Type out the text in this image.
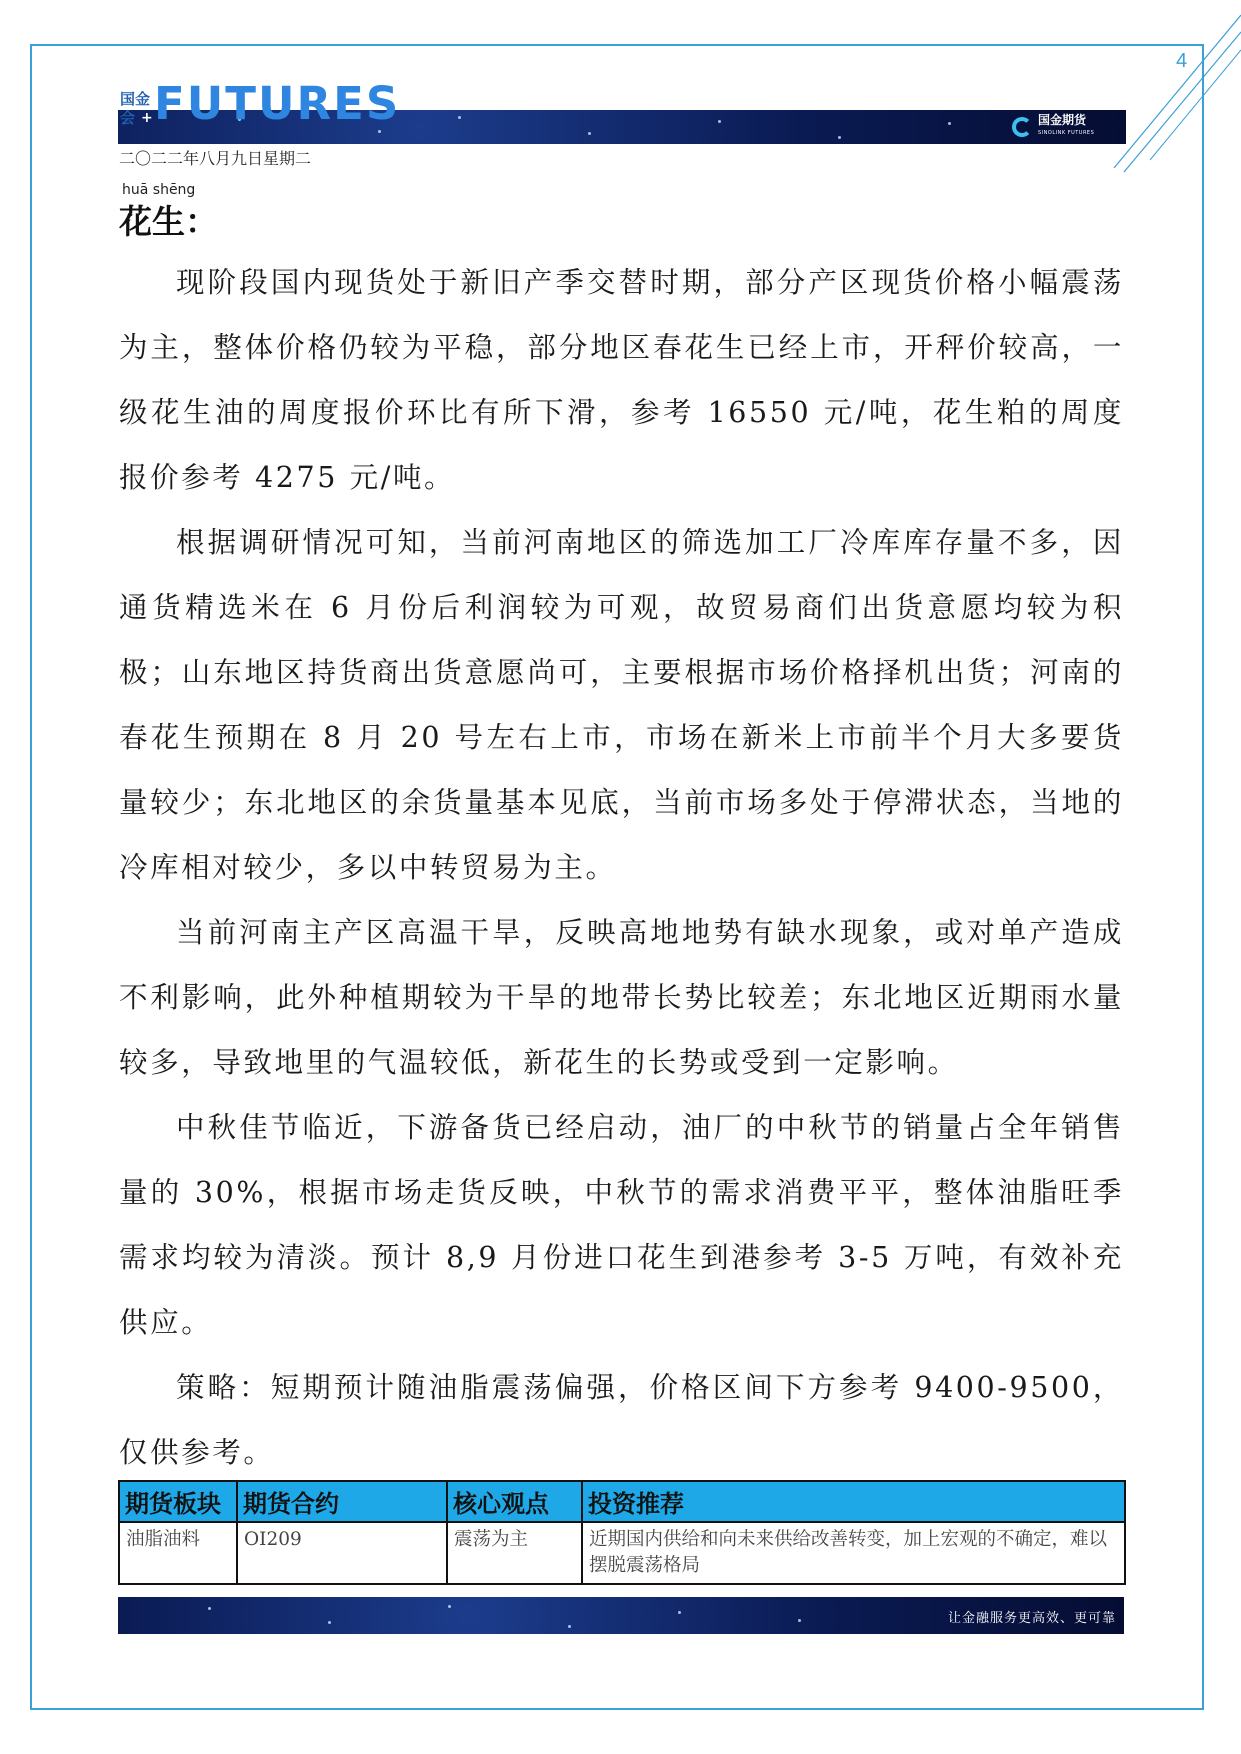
4
国金
会 + FUTURES	国金期货
SINOLINK FUTURES
二〇二二年八月九日星期二
huā shēng
花生：

现阶段国内现货处于新旧产季交替时期，部分产区现货价格小幅震荡为主，整体价格仍较为平稳，部分地区春花生已经上市，开秤价较高，一级花生油的周度报价环比有所下滑，参考 16550 元/吨，花生粕的周度报价参考 4275 元/吨。

根据调研情况可知，当前河南地区的筛选加工厂冷库库存量不多，因通货精选米在 6 月份后利润较为可观，故贸易商们出货意愿均较为积极；山东地区持货商出货意愿尚可，主要根据市场价格择机出货；河南的春花生预期在 8 月 20 号左右上市，市场在新米上市前半个月大多要货量较少；东北地区的余货量基本见底，当前市场多处于停滞状态，当地的冷库相对较少，多以中转贸易为主。

当前河南主产区高温干旱，反映高地地势有缺水现象，或对单产造成不利影响，此外种植期较为干旱的地带长势比较差；东北地区近期雨水量较多，导致地里的气温较低，新花生的长势或受到一定影响。

中秋佳节临近，下游备货已经启动，油厂的中秋节的销量占全年销售量的 30%，根据市场走货反映，中秋节的需求消费平平，整体油脂旺季需求均较为清淡。预计 8,9 月份进口花生到港参考 3-5 万吨，有效补充供应。

策略：短期预计随油脂震荡偏强，价格区间下方参考 9400-9500，仅供参考。

期货板块	期货合约	核心观点	投资推荐
油脂油料	OI209	震荡为主	近期国内供给和向未来供给改善转变，加上宏观的不确定，难以摆脱震荡格局
让金融服务更高效、更可靠
